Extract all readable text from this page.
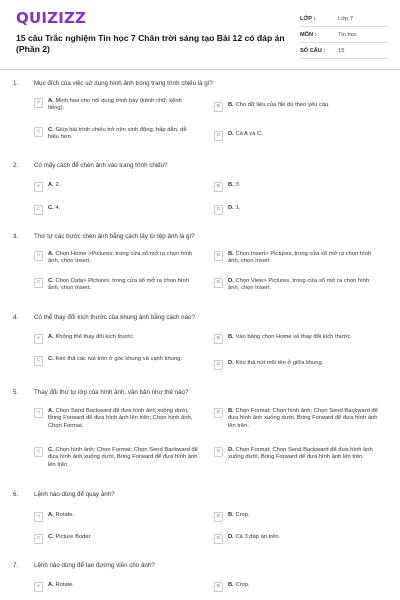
QUIZIZZ
15 câu Trắc nghiệm Tin học 7 Chân trời sáng tạo Bài 12 có đáp án (Phần 2)
LỚP :	Lớp 7
MÔN :	Tin học
SỐ CÂU :	15
1.	Mục đích của việc sử dụng hình ảnh trong trang trình chiếu là gì?
A	A. Minh họa cho nội dung trình bày (kênh chữ, kênh tiếng).	B	B. Cho dữ liệu của file dù theo yêu cầu.
C	C. Giúp bài trình chiếu trở nên sinh động, hấp dẫn, dễ hiểu hơn.	D	D. Cả A và C.
2.	Có mấy cách để chèn ảnh vào trang trình chiếu?
A	A. 2.	B	B. 3.
C	C. 4.	D	D. 1.
3.	Thứ tự các bước chèn ảnh bằng cách lấy từ tệp ảnh là gì?
A	A. Chọn Home >Pictures, trong cửa sổ mở ra chọn hình ảnh, chọn Insert.
B	B. Chọn Insert> Pictures, trong cửa sổ mở ra chọn hình ảnh, chọn Insert.
C	C. Chọn Data> Pictures, trong cửa sổ mở ra chọn hình ảnh, chọn Insert.
D	D. Chọn View> Pictures, trong cửa sổ mở ra chọn hình ảnh, chọn Insert.
4.	Có thể thay đổi kích thước của khung ảnh bằng cách nào?
A	A. Không thể thay đổi kích thước.	B	B. Vào bảng chọn Home và thay đổi kích thước.
C	C. Kéo thả các nút tròn ở góc khung và cạnh khung.
D	D. Kéo thả nút mũi tên ở giữa khung.
5.	Thay đổi thứ tự lớp của hình ảnh, văn bản như thế nào?
A	A. Chọn Send Backward để đưa hình ảnh xuống dưới, Bring Forward để đưa hình ảnh lên trên; Chọn hình ảnh, Chọn Format.
B	B. Chọn Format; Chọn hình ảnh; Chọn Send Backward để đưa hình ảnh xuống dưới, Bring Forward để đưa hình ảnh lên trên.
C	C. Chọn hình ảnh; Chọn Format; Chọn Send Backward để đưa hình ảnh xuống dưới, Bring Forward để đưa hình ảnh lên trên.
D	D. Chọn Format; Chọn Send Backward để đưa hình ảnh xuống dưới, Bring Forward để đưa hình ảnh lên trên.
6.	Lệnh nào dùng để quay ảnh?
A	A. Rotate.	B	B. Crop.
C	C. Picture Boder.	D	D. Cả 3 đáp án trên.
7.	Lệnh nào dùng để tạo đường viền cho ảnh?
A	A. Rotate.	B	B. Crop.
